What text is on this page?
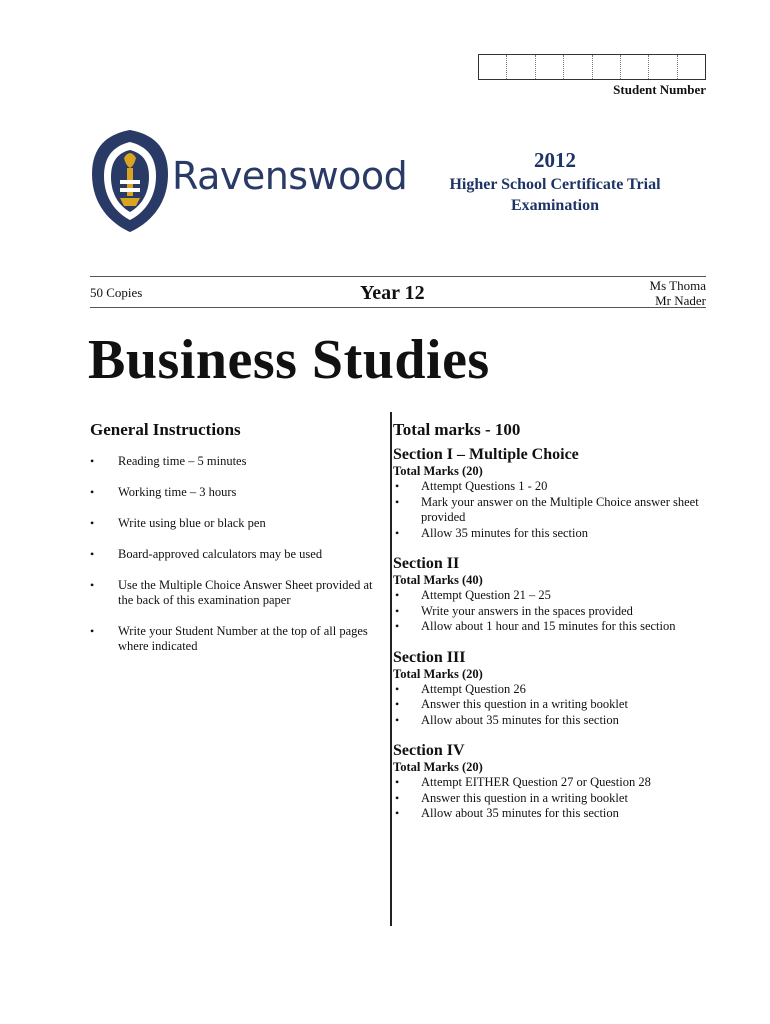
Student Number
Ravenswood	2012
Higher School Certificate Trial
Examination
50 Copies	Year 12	Ms Thoma
Mr Nader
Business Studies
General Instructions
• Reading time – 5 minutes
• Working time – 3 hours
• Write using blue or black pen
• Board-approved calculators may be used
• Use the Multiple Choice Answer Sheet provided at the back of this examination paper
• Write your Student Number at the top of all pages where indicated
Total marks - 100
Section I – Multiple Choice
Total Marks (20)
• Attempt Questions 1 - 20
• Mark your answer on the Multiple Choice answer sheet provided
• Allow 35 minutes for this section
Section II
Total Marks (40)
• Attempt Question 21 – 25
• Write your answers in the spaces provided
• Allow about 1 hour and 15 minutes for this section
Section III
Total Marks (20)
• Attempt Question 26
• Answer this question in a writing booklet
• Allow about 35 minutes for this section
Section IV
Total Marks (20)
• Attempt EITHER Question 27 or Question 28
• Answer this question in a writing booklet
• Allow about 35 minutes for this section
